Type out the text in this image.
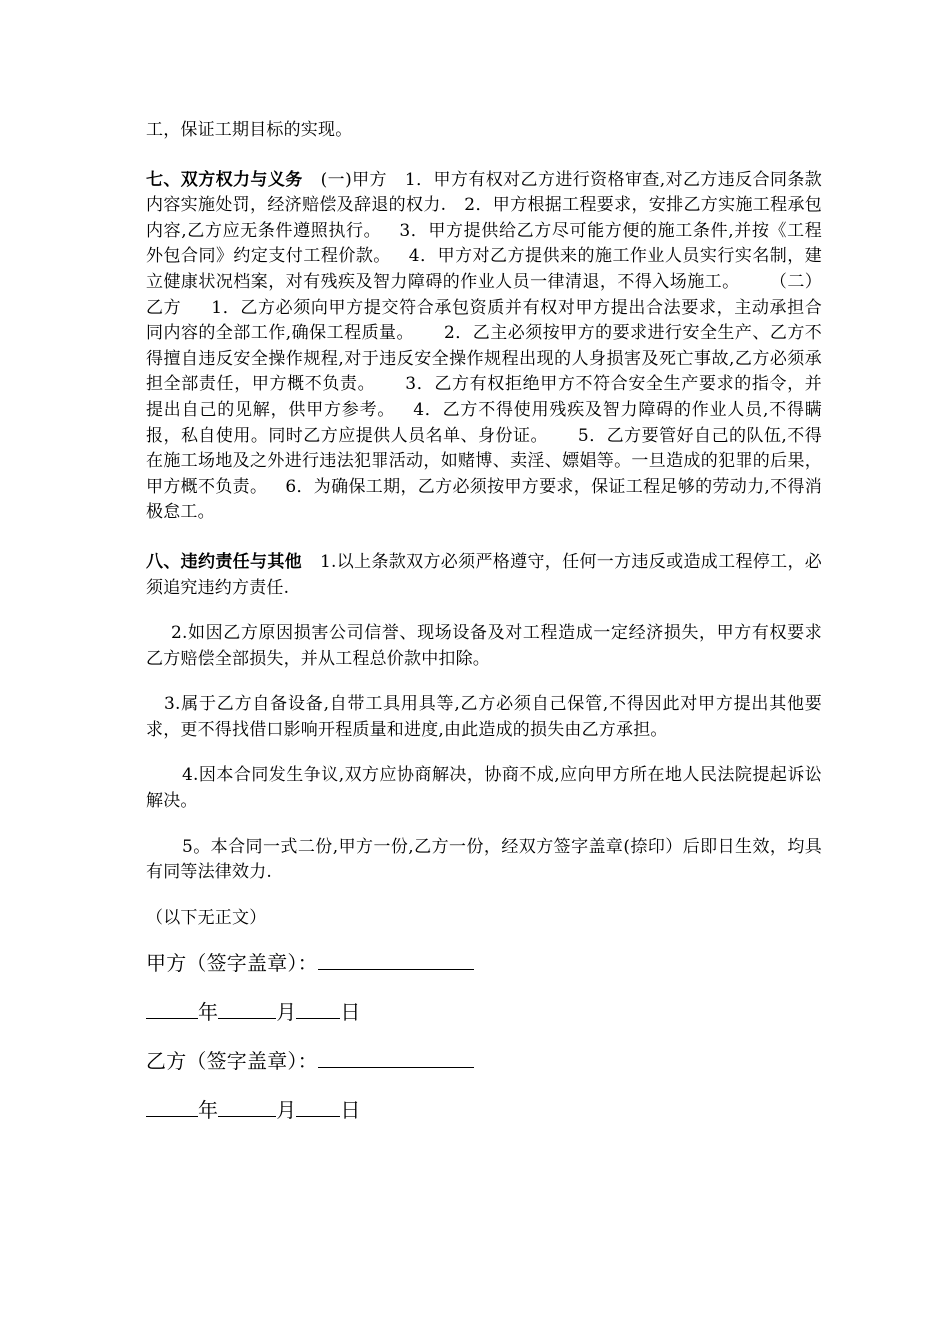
工，保证工期目标的实现。

七、双方权力与义务 (一)甲方 1．甲方有权对乙方进行资格审查,对乙方违反合同条款内容实施处罚，经济赔偿及辞退的权力. 2．甲方根据工程要求，安排乙方实施工程承包内容,乙方应无条件遵照执行。 3．甲方提供给乙方尽可能方便的施工条件,并按《工程外包合同》约定支付工程价款。 4．甲方对乙方提供来的施工作业人员实行实名制，建立健康状况档案，对有残疾及智力障碍的作业人员一律清退，不得入场施工。 （二）乙方 1．乙方必须向甲方提交符合承包资质并有权对甲方提出合法要求，主动承担合同内容的全部工作,确保工程质量。 2．乙主必须按甲方的要求进行安全生产、乙方不得擅自违反安全操作规程,对于违反安全操作规程出现的人身损害及死亡事故,乙方必须承担全部责任，甲方概不负责。 3．乙方有权拒绝甲方不符合安全生产要求的指令，并提出自己的见解，供甲方参考。 4．乙方不得使用残疾及智力障碍的作业人员,不得瞒报，私自使用。同时乙方应提供人员名单、身份证。 5．乙方要管好自己的队伍,不得在施工场地及之外进行违法犯罪活动，如赌博、卖淫、嫖娼等。一旦造成的犯罪的后果，甲方概不负责。 6．为确保工期，乙方必须按甲方要求，保证工程足够的劳动力,不得消极怠工。

八、违约责任与其他 1.以上条款双方必须严格遵守，任何一方违反或造成工程停工，必须追究违约方责任.

2.如因乙方原因损害公司信誉、现场设备及对工程造成一定经济损失，甲方有权要求乙方赔偿全部损失，并从工程总价款中扣除。

3.属于乙方自备设备,自带工具用具等,乙方必须自己保管,不得因此对甲方提出其他要求，更不得找借口影响开程质量和进度,由此造成的损失由乙方承担。

4.因本合同发生争议,双方应协商解决，协商不成,应向甲方所在地人民法院提起诉讼解决。

5。本合同一式二份,甲方一份,乙方一份，经双方签字盖章(捺印）后即日生效，均具有同等法律效力.

（以下无正文）

甲方（签字盖章）：

年	月 日

乙方（签字盖章）：

年	月 日
